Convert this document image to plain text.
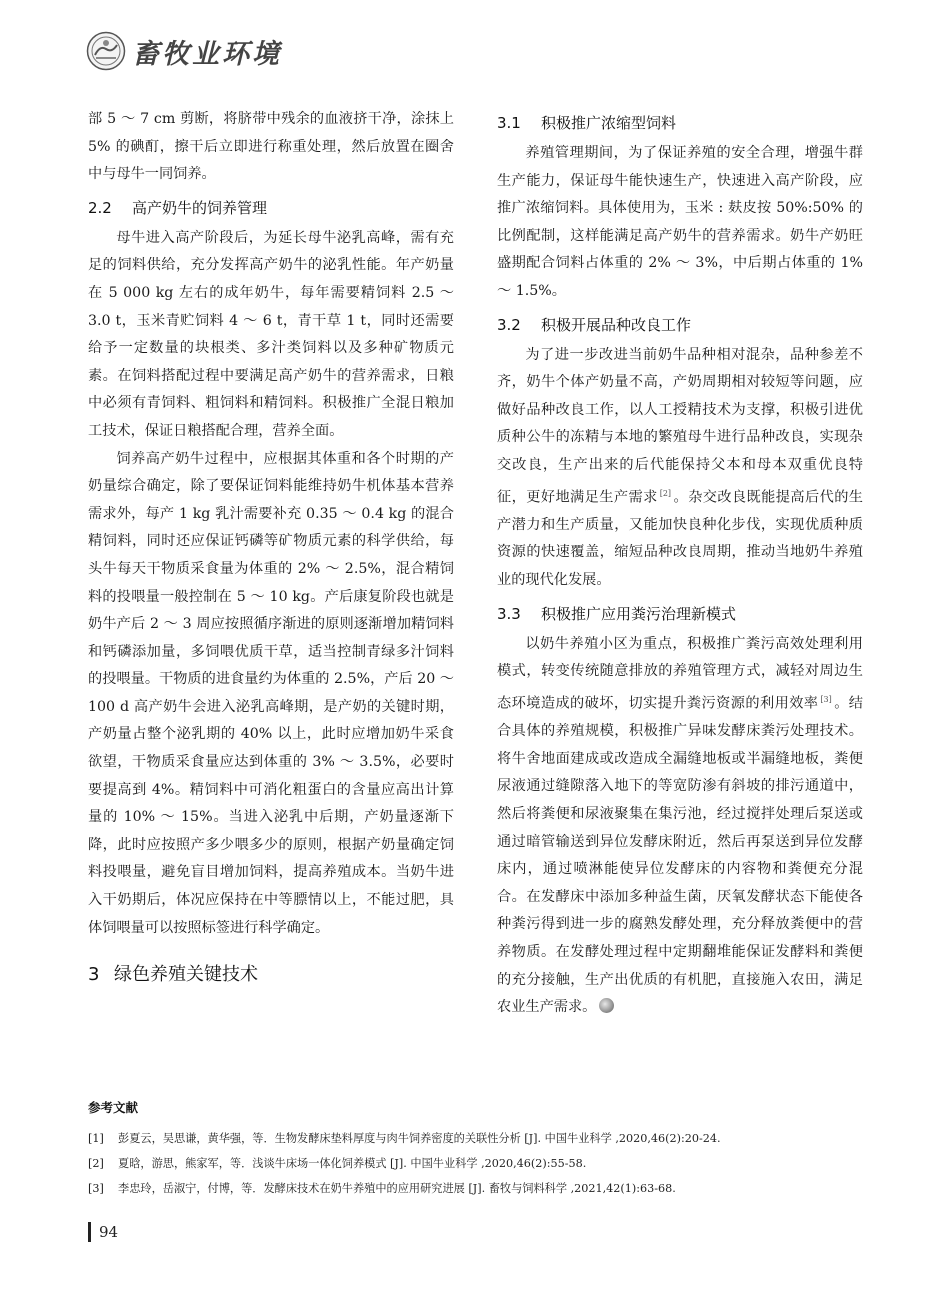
畜牧业环境

部 5 ～ 7 cm 剪断，将脐带中残余的血液挤干净，涂抹上 5% 的碘酊，擦干后立即进行称重处理，然后放置在圈舍中与母牛一同饲养。

2.2 高产奶牛的饲养管理

母牛进入高产阶段后，为延长母牛泌乳高峰，需有充足的饲料供给，充分发挥高产奶牛的泌乳性能。年产奶量在 5 000 kg 左右的成年奶牛，每年需要精饲料 2.5 ～ 3.0 t，玉米青贮饲料 4 ～ 6 t，青干草 1 t，同时还需要给予一定数量的块根类、多汁类饲料以及多种矿物质元素。在饲料搭配过程中要满足高产奶牛的营养需求，日粮中必须有青饲料、粗饲料和精饲料。积极推广全混日粮加工技术，保证日粮搭配合理，营养全面。

饲养高产奶牛过程中，应根据其体重和各个时期的产奶量综合确定，除了要保证饲料能维持奶牛机体基本营养需求外，每产 1 kg 乳汁需要补充 0.35 ～ 0.4 kg 的混合精饲料，同时还应保证钙磷等矿物质元素的科学供给，每头牛每天干物质采食量为体重的 2% ～ 2.5%，混合精饲料的投喂量一般控制在 5 ～ 10 kg。产后康复阶段也就是奶牛产后 2 ～ 3 周应按照循序渐进的原则逐渐增加精饲料和钙磷添加量，多饲喂优质干草，适当控制青绿多汁饲料的投喂量。干物质的进食量约为体重的 2.5%，产后 20 ～ 100 d 高产奶牛会进入泌乳高峰期，是产奶的关键时期，产奶量占整个泌乳期的 40% 以上，此时应增加奶牛采食欲望，干物质采食量应达到体重的 3% ～ 3.5%，必要时要提高到 4%。精饲料中可消化粗蛋白的含量应高出计算量的 10% ～ 15%。当进入泌乳中后期，产奶量逐渐下降，此时应按照产多少喂多少的原则，根据产奶量确定饲料投喂量，避免盲目增加饲料，提高养殖成本。当奶牛进入干奶期后，体况应保持在中等膘情以上，不能过肥，具体饲喂量可以按照标签进行科学确定。

3 绿色养殖关键技术
3.1 积极推广浓缩型饲料

养殖管理期间，为了保证养殖的安全合理，增强牛群生产能力，保证母牛能快速生产，快速进入高产阶段，应推广浓缩饲料。具体使用为，玉米 : 麸皮按 50%:50% 的比例配制，这样能满足高产奶牛的营养需求。奶牛产奶旺盛期配合饲料占体重的 2% ～ 3%，中后期占体重的 1% ～ 1.5%。

3.2 积极开展品种改良工作

为了进一步改进当前奶牛品种相对混杂，品种参差不齐，奶牛个体产奶量不高，产奶周期相对较短等问题，应做好品种改良工作，以人工授精技术为支撑，积极引进优质种公牛的冻精与本地的繁殖母牛进行品种改良，实现杂交改良，生产出来的后代能保持父本和母本双重优良特征，更好地满足生产需求 [2] 。杂交改良既能提高后代的生产潜力和生产质量，又能加快良种化步伐，实现优质种质资源的快速覆盖，缩短品种改良周期，推动当地奶牛养殖业的现代化发展。

3.3 积极推广应用粪污治理新模式

以奶牛养殖小区为重点，积极推广粪污高效处理利用模式，转变传统随意排放的养殖管理方式，减轻对周边生态环境造成的破坏，切实提升粪污资源的利用效率 [3] 。结合具体的养殖规模，积极推广异味发酵床粪污处理技术。将牛舍地面建成或改造成全漏缝地板或半漏缝地板，粪便尿液通过缝隙落入地下的等宽防渗有斜坡的排污通道中，然后将粪便和尿液聚集在集污池，经过搅拌处理后泵送或通过暗管输送到异位发酵床附近，然后再泵送到异位发酵床内，通过喷淋能使异位发酵床的内容物和粪便充分混合。在发酵床中添加多种益生菌，厌氧发酵状态下能使各种粪污得到进一步的腐熟发酵处理，充分释放粪便中的营养物质。在发酵处理过程中定期翻堆能保证发酵料和粪便的充分接触，生产出优质的有机肥，直接施入农田，满足农业生产需求。

参考文献
[1]	彭夏云，吴思谦，黄华强，等．生物发酵床垫料厚度与肉牛饲养密度的关联性分析 [J]. 中国牛业科学 ,2020,46(2):20-24.
[2]	夏晗，游思，熊家军，等．浅谈牛床场一体化饲养模式 [J]. 中国牛业科学 ,2020,46(2):55-58.
[3]	李忠玲，岳淑宁，付博，等．发酵床技术在奶牛养殖中的应用研究进展 [J]. 畜牧与饲料科学 ,2021,42(1):63-68.
94
